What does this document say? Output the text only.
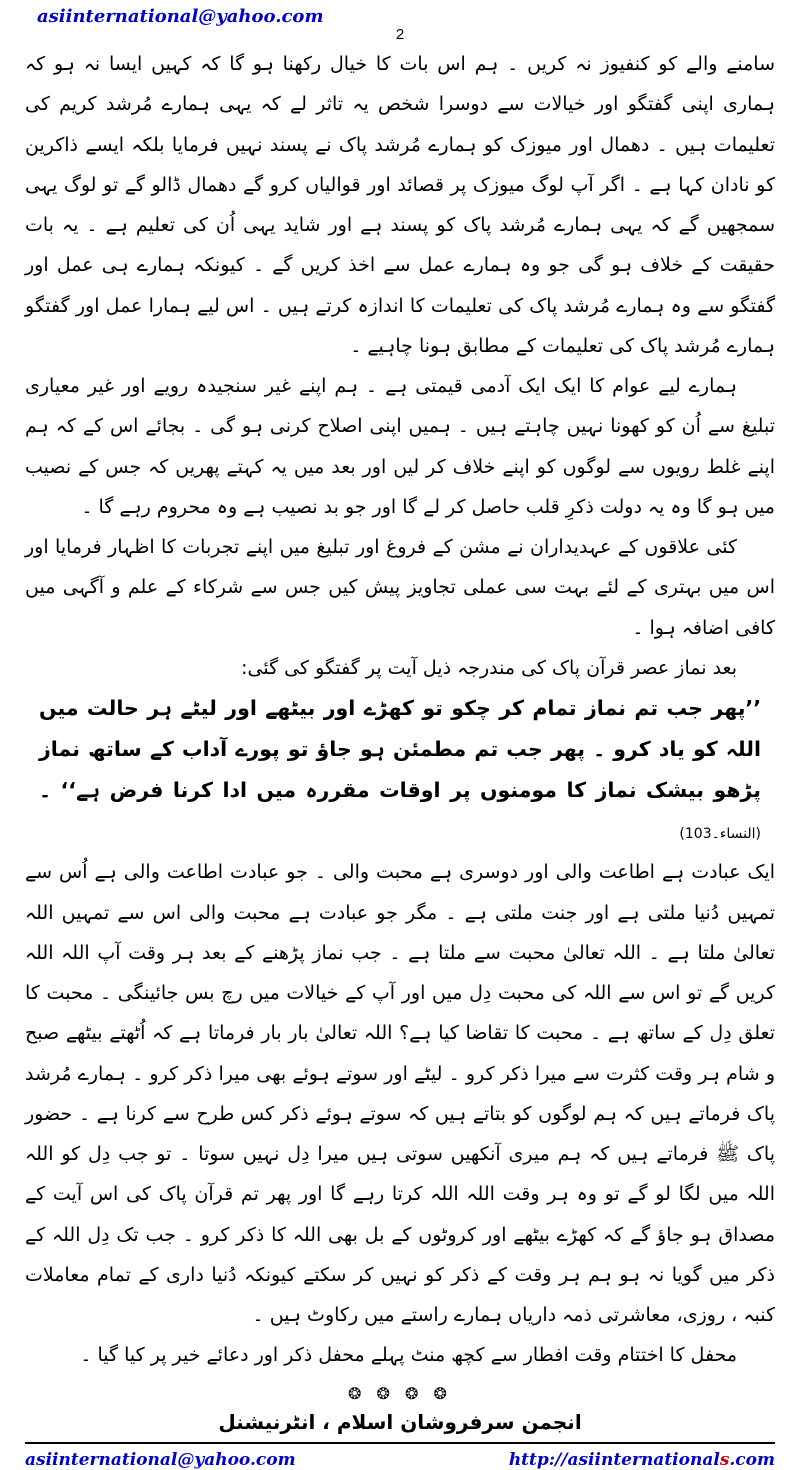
asiinternational@yahoo.com
2

سامنے والے کو کنفیوز نہ کریں ۔ ہم اس بات کا خیال رکھنا ہو گا کہ کہیں ایسا نہ ہو کہ ہماری اپنی گفتگو اور خیالات سے دوسرا شخص یہ تاثر لے کہ یہی ہمارے مُرشد کریم کی تعلیمات ہیں ۔ دھمال اور میوزک کو ہمارے مُرشد پاک نے پسند نہیں فرمایا بلکہ ایسے ذاکرین کو نادان کہا ہے ۔ اگر آپ لوگ میوزک پر قصائد اور قوالیاں کرو گے دھمال ڈالو گے تو لوگ یہی سمجھیں گے کہ یہی ہمارے مُرشد پاک کو پسند ہے اور شاید یہی اُن کی تعلیم ہے ۔ یہ بات حقیقت کے خلاف ہو گی جو وہ ہمارے عمل سے اخذ کریں گے ۔ کیونکہ ہمارے ہی عمل اور گفتگو سے وہ ہمارے مُرشد پاک کی تعلیمات کا اندازہ کرتے ہیں ۔ اس لیے ہمارا عمل اور گفتگو ہمارے مُرشد پاک کی تعلیمات کے مطابق ہونا چاہیے ۔

ہمارے لیے عوام کا ایک ایک آدمی قیمتی ہے ۔ ہم اپنے غیر سنجیدہ رویے اور غیر معیاری تبلیغ سے اُن کو کھونا نہیں چاہتے ہیں ۔ ہمیں اپنی اصلاح کرنی ہو گی ۔ بجائے اس کے کہ ہم اپنے غلط رویوں سے لوگوں کو اپنے خلاف کر لیں اور بعد میں یہ کہتے پھریں کہ جس کے نصیب میں ہو گا وہ یہ دولت ذکرِ قلب حاصل کر لے گا اور جو بد نصیب ہے وہ محروم رہے گا ۔

کئی علاقوں کے عہدیداران نے مشن کے فروغ اور تبلیغ میں اپنے تجربات کا اظہار فرمایا اور اس میں بہتری کے لئے بہت سی عملی تجاویز پیش کیں جس سے شرکاء کے علم و آگہی میں کافی اضافہ ہوا ۔

بعد نماز عصر قرآن پاک کی مندرجہ ذیل آیت پر گفتگو کی گئی:

’’پھر جب تم نماز تمام کر چکو تو کھڑے اور بیٹھے اور لیٹے ہر حالت میں اللہ کو یاد کرو ۔ پھر جب تم مطمئن ہو جاؤ تو پورے آداب کے ساتھ نماز پڑھو بیشک نماز کا مومنوں پر اوقات مقررہ میں ادا کرنا فرض ہے‘‘ ۔ (النساء۔103)

ایک عبادت ہے اطاعت والی اور دوسری ہے محبت والی ۔ جو عبادت اطاعت والی ہے اُس سے تمہیں دُنیا ملتی ہے اور جنت ملتی ہے ۔ مگر جو عبادت ہے محبت والی اس سے تمہیں اللہ تعالیٰ ملتا ہے ۔ اللہ تعالیٰ محبت سے ملتا ہے ۔ جب نماز پڑھنے کے بعد ہر وقت آپ اللہ اللہ کریں گے تو اس سے اللہ کی محبت دِل میں اور آپ کے خیالات میں رچ بس جائینگی ۔ محبت کا تعلق دِل کے ساتھ ہے ۔ محبت کا تقاضا کیا ہے؟ اللہ تعالیٰ بار بار فرماتا ہے کہ اُٹھتے بیٹھے صبح و شام ہر وقت کثرت سے میرا ذکر کرو ۔ لیٹے اور سوتے ہوئے بھی میرا ذکر کرو ۔ ہمارے مُرشد پاک فرماتے ہیں کہ ہم لوگوں کو بتاتے ہیں کہ سوتے ہوئے ذکر کس طرح سے کرنا ہے ۔ حضور پاک ﷺ فرماتے ہیں کہ ہم میری آنکھیں سوتی ہیں میرا دِل نہیں سوتا ۔ تو جب دِل کو اللہ اللہ میں لگا لو گے تو وہ ہر وقت اللہ اللہ کرتا رہے گا اور پھر تم قرآن پاک کی اس آیت کے مصداق ہو جاؤ گے کہ کھڑے بیٹھے اور کروٹوں کے بل بھی اللہ کا ذکر کرو ۔ جب تک دِل اللہ کے ذکر میں گویا نہ ہو ہم ہر وقت کے ذکر کو نہیں کر سکتے کیونکہ دُنیا داری کے تمام معاملات کنبہ ، روزی، معاشرتی ذمہ داریاں ہمارے راستے میں رکاوٹ ہیں ۔

محفل کا اختتام وقت افطار سے کچھ منٹ پہلے محفل ذکر اور دعائے خیر پر کیا گیا ۔

❂ ❂ ❂ ❂
انجمن سرفروشان اسلام ، انٹرنیشنل
asiinternational@yahoo.com	http://asiinternationals.com
